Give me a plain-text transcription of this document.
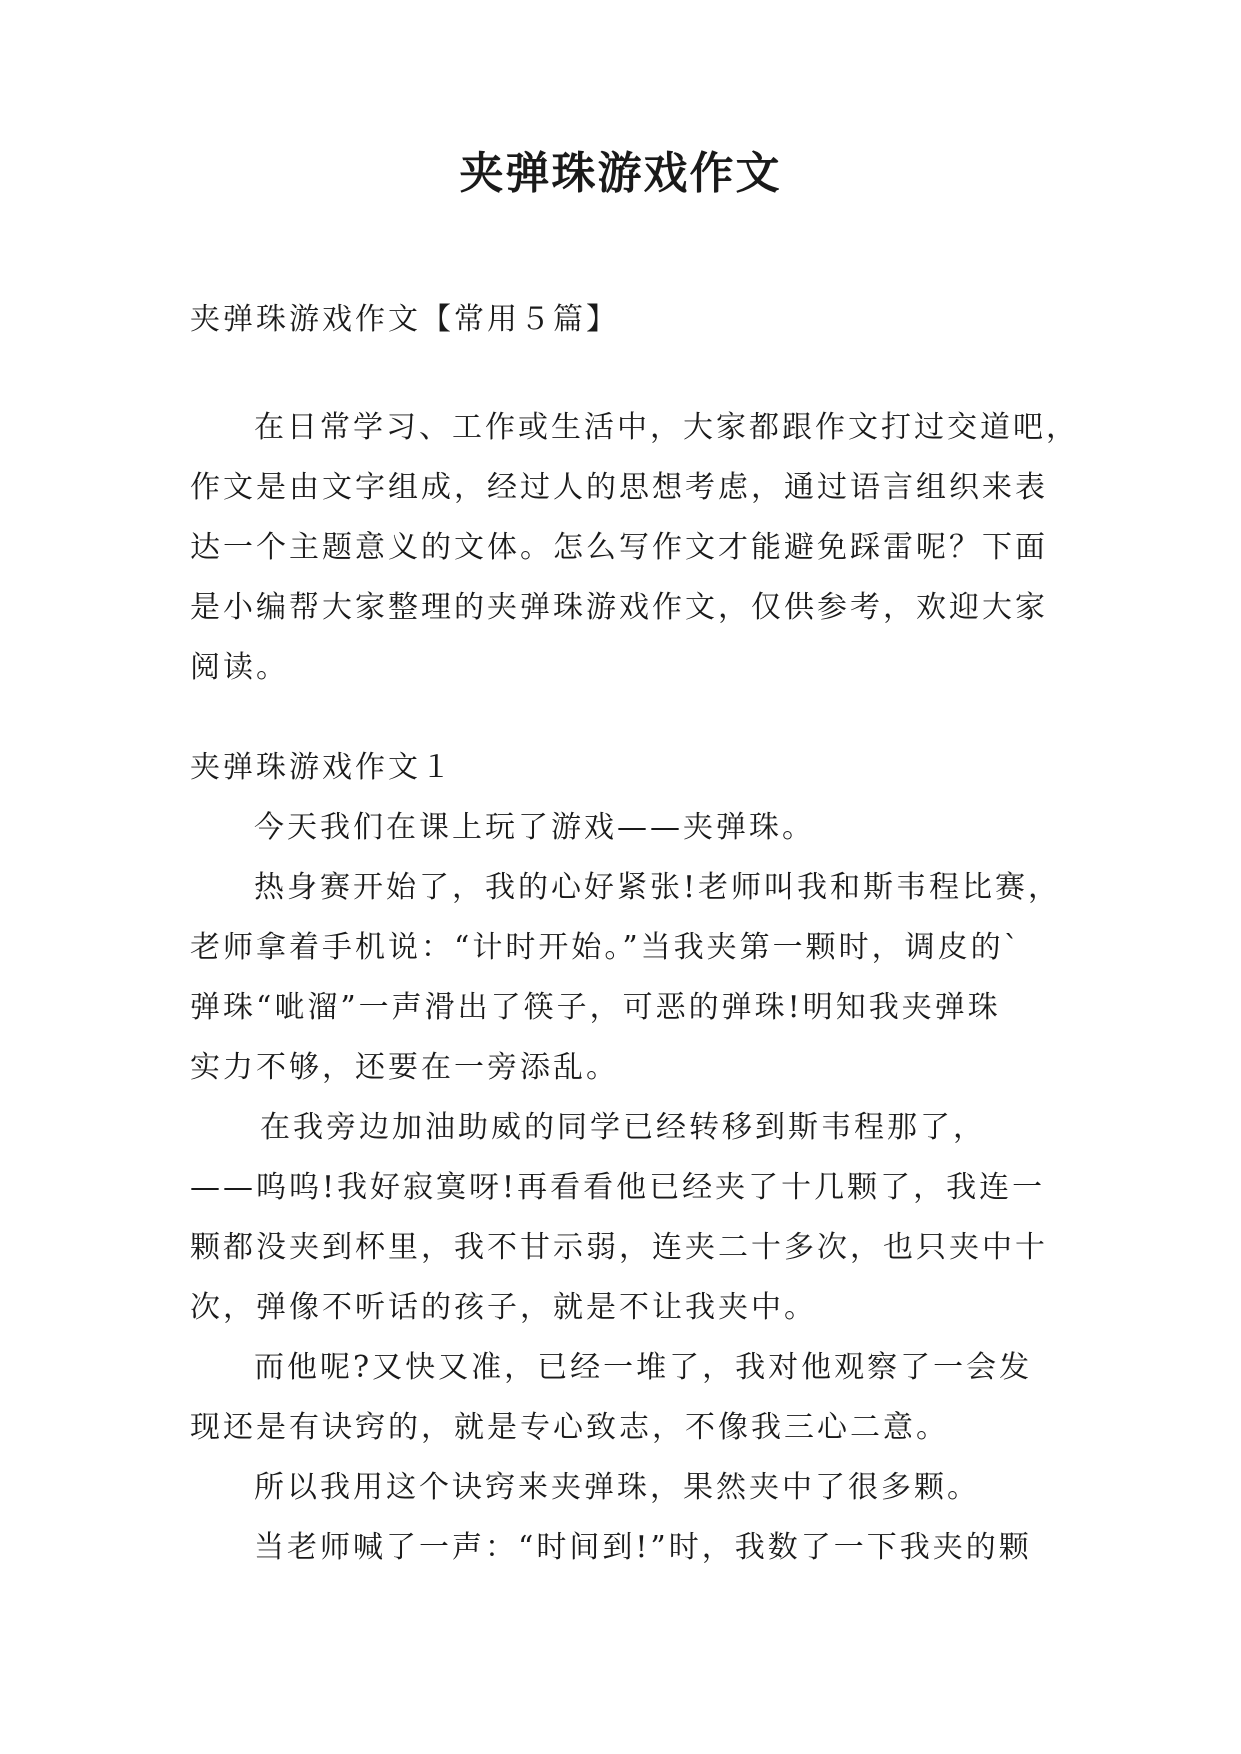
夹弹珠游戏作文
夹弹珠游戏作文【常用５篇】
在日常学习、工作或生活中，大家都跟作文打过交道吧，
作文是由文字组成，经过人的思想考虑，通过语言组织来表
达一个主题意义的文体。怎么写作文才能避免踩雷呢？下面
是小编帮大家整理的夹弹珠游戏作文，仅供参考，欢迎大家
阅读。
夹弹珠游戏作文１
今天我们在课上玩了游戏——夹弹珠。
热身赛开始了，我的心好紧张!老师叫我和斯韦程比赛，
老师拿着手机说：“计时开始。”当我夹第一颗时，调皮的`
弹珠“呲溜”一声滑出了筷子，可恶的弹珠!明知我夹弹珠
实力不够，还要在一旁添乱。
在我旁边加油助威的同学已经转移到斯韦程那了，
——呜呜!我好寂寞呀!再看看他已经夹了十几颗了，我连一
颗都没夹到杯里，我不甘示弱，连夹二十多次，也只夹中十
次，弹像不听话的孩子，就是不让我夹中。
而他呢?又快又准，已经一堆了，我对他观察了一会发
现还是有诀窍的，就是专心致志，不像我三心二意。
所以我用这个诀窍来夹弹珠，果然夹中了很多颗。
当老师喊了一声：“时间到!”时，我数了一下我夹的颗
